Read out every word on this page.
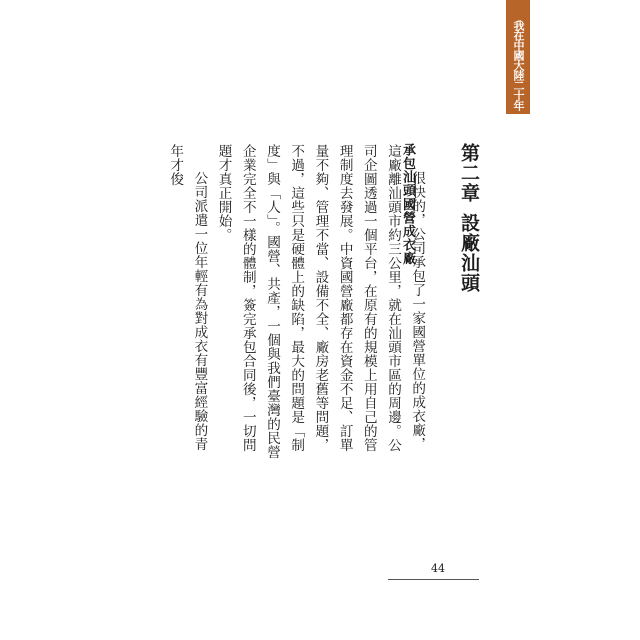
我在中國大陸二十年
第二章設廠汕頭
承包汕頭國營成衣廠

很快的，公司承包了一家國營單位的成衣廠，這廠離汕頭市約三公里，就在汕頭市區的周邊。公司企圖透過一個平台，在原有的規模上用自己的管理制度去發展。中資國營廠都存在資金不足、訂單量不夠、管理不當、設備不全、廠房老舊等問題，不過，這些只是硬體上的缺陷，最大的問題是「制度」與「人」。國營、共產，一個與我們臺灣的民營企業完全不一樣的體制，簽完承包合同後，一切問題才真正開始。

公司派遣一位年輕有為對成衣有豐富經驗的青年才俊

44
